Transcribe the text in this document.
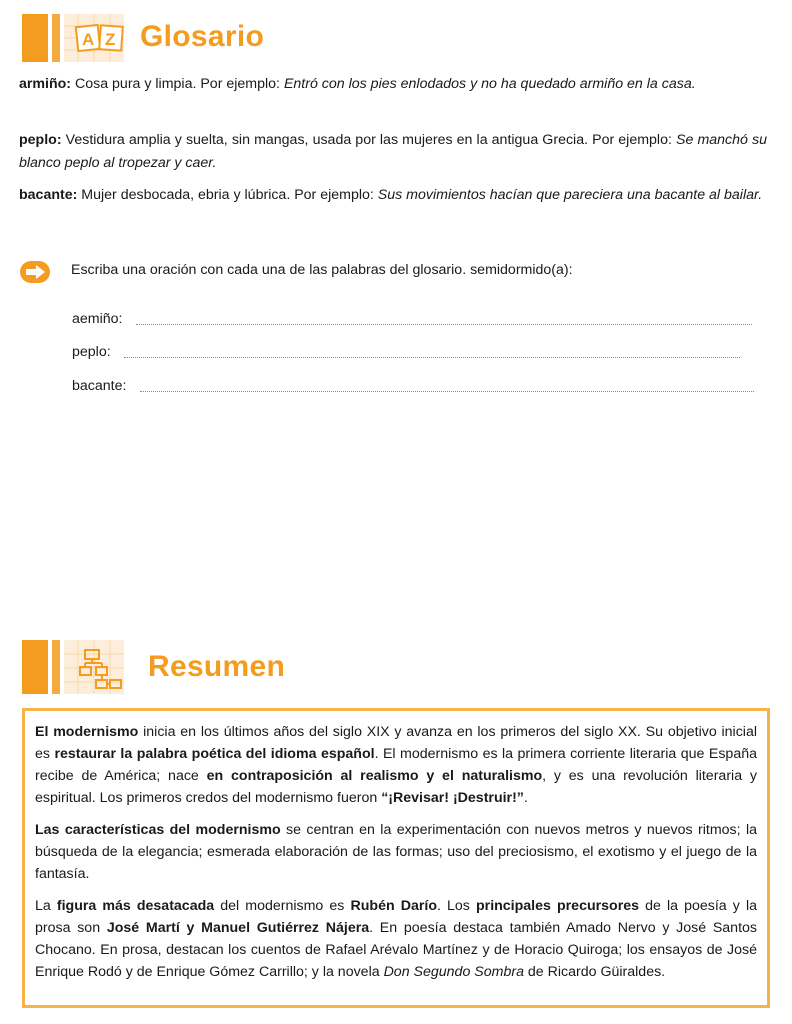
A Z Glosario
armiño: Cosa pura y limpia. Por ejemplo: Entró con los pies enlodados y no ha quedado armiño en la casa.
peplo: Vestidura amplia y suelta, sin mangas, usada por las mujeres en la antigua Grecia. Por ejemplo: Se manchó su blanco peplo al tropezar y caer.
bacante: Mujer desbocada, ebria y lúbrica. Por ejemplo: Sus movimientos hacían que pareciera una bacante al bailar.
Escriba una oración con cada una de las palabras del glosario. semidormido(a):
aemiño:
peplo:
bacante:
Resumen

El modernismo inicia en los últimos años del siglo XIX y avanza en los primeros del siglo XX. Su objetivo inicial es restaurar la palabra poética del idioma español. El modernismo es la primera corriente literaria que España recibe de América; nace en contraposición al realismo y el naturalismo, y es una revolución literaria y espiritual. Los primeros credos del modernismo fueron “¡Revisar! ¡Destruir!”.

Las características del modernismo se centran en la experimentación con nuevos metros y nuevos ritmos; la búsqueda de la elegancia; esmerada elaboración de las formas; uso del preciosismo, el exotismo y el juego de la fantasía.

La figura más desatacada del modernismo es Rubén Darío. Los principales precursores de la poesía y la prosa son José Martí y Manuel Gutiérrez Nájera. En poesía destaca también Amado Nervo y José Santos Chocano. En prosa, destacan los cuentos de Rafael Arévalo Martínez y de Horacio Quiroga; los ensayos de José Enrique Rodó y de Enrique Gómez Carrillo; y la novela Don Segundo Sombra de Ricardo Güiraldes.
